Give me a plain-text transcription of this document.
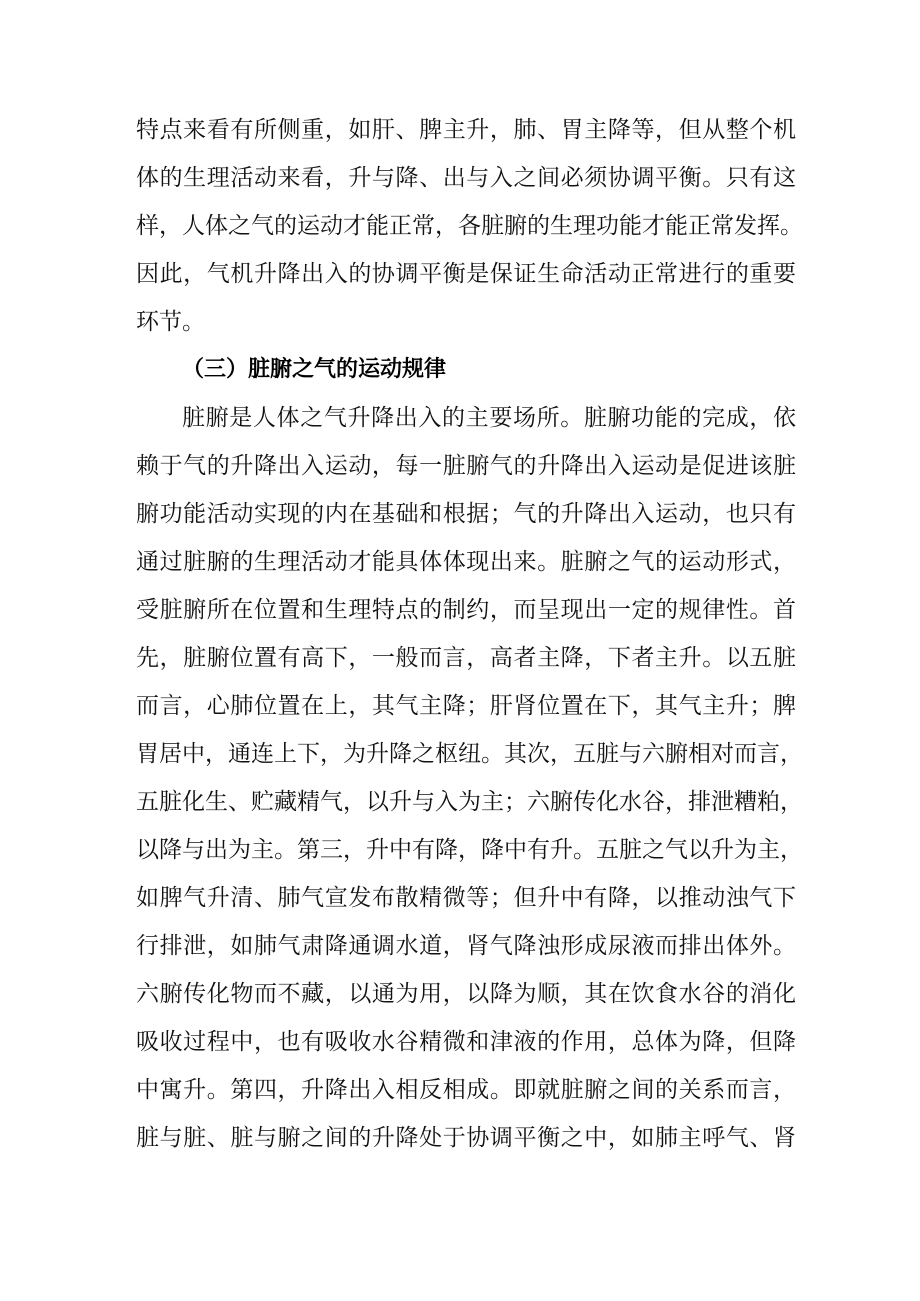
特点来看有所侧重，如肝、脾主升，肺、胃主降等，但从整个机
体的生理活动来看，升与降、出与入之间必须协调平衡。只有这
样，人体之气的运动才能正常，各脏腑的生理功能才能正常发挥。
因此，气机升降出入的协调平衡是保证生命活动正常进行的重要
环节。
（三）脏腑之气的运动规律
脏腑是人体之气升降出入的主要场所。脏腑功能的完成，依
赖于气的升降出入运动，每一脏腑气的升降出入运动是促进该脏
腑功能活动实现的内在基础和根据；气的升降出入运动，也只有
通过脏腑的生理活动才能具体体现出来。脏腑之气的运动形式，
受脏腑所在位置和生理特点的制约，而呈现出一定的规律性。首
先，脏腑位置有高下，一般而言，高者主降，下者主升。以五脏
而言，心肺位置在上，其气主降；肝肾位置在下，其气主升；脾
胃居中，通连上下，为升降之枢纽。其次，五脏与六腑相对而言，
五脏化生、贮藏精气，以升与入为主；六腑传化水谷，排泄糟粕，
以降与出为主。第三，升中有降，降中有升。五脏之气以升为主，
如脾气升清、肺气宣发布散精微等；但升中有降，以推动浊气下
行排泄，如肺气肃降通调水道，肾气降浊形成尿液而排出体外。
六腑传化物而不藏，以通为用，以降为顺，其在饮食水谷的消化
吸收过程中，也有吸收水谷精微和津液的作用，总体为降，但降
中寓升。第四，升降出入相反相成。即就脏腑之间的关系而言，
脏与脏、脏与腑之间的升降处于协调平衡之中，如肺主呼气、肾
